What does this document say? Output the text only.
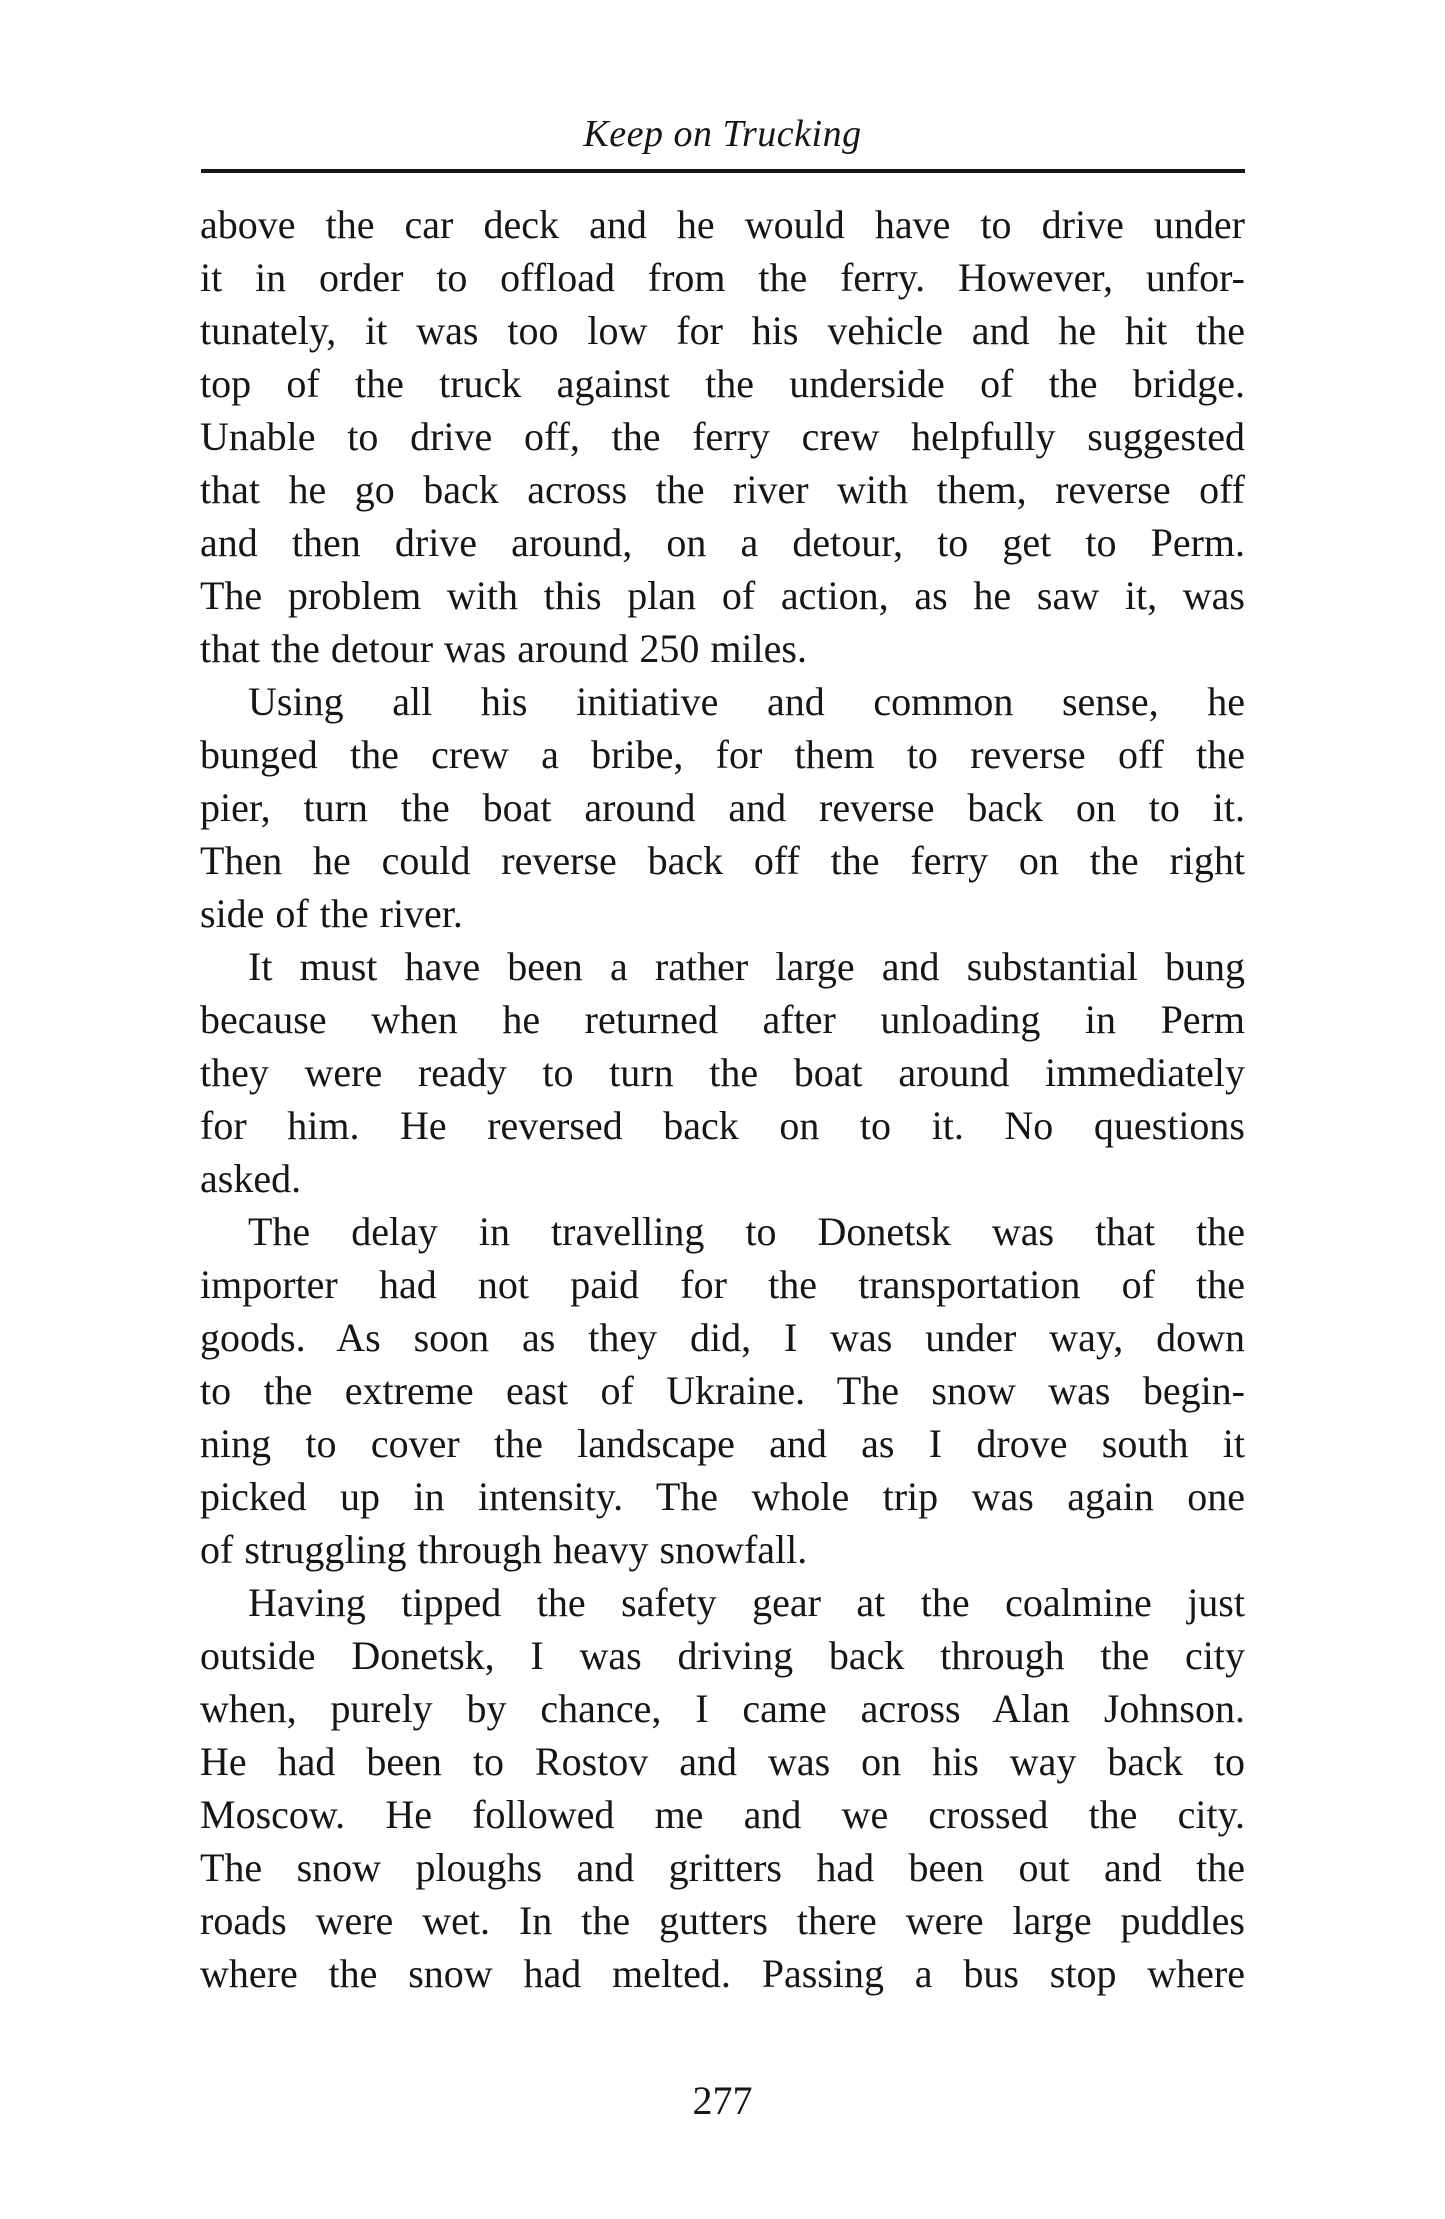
Keep on Trucking
above the car deck and he would have to drive under
it in order to offload from the ferry. However, unfor-
tunately, it was too low for his vehicle and he hit the
top of the truck against the underside of the bridge.
Unable to drive off, the ferry crew helpfully suggested
that he go back across the river with them, reverse off
and then drive around, on a detour, to get to Perm.
The problem with this plan of action, as he saw it, was
that the detour was around 250 miles.
Using all his initiative and common sense, he
bunged the crew a bribe, for them to reverse off the
pier, turn the boat around and reverse back on to it.
Then he could reverse back off the ferry on the right
side of the river.
It must have been a rather large and substantial bung
because when he returned after unloading in Perm
they were ready to turn the boat around immediately
for him. He reversed back on to it. No questions
asked.
The delay in travelling to Donetsk was that the
importer had not paid for the transportation of the
goods. As soon as they did, I was under way, down
to the extreme east of Ukraine. The snow was begin-
ning to cover the landscape and as I drove south it
picked up in intensity. The whole trip was again one
of struggling through heavy snowfall.
Having tipped the safety gear at the coalmine just
outside Donetsk, I was driving back through the city
when, purely by chance, I came across Alan Johnson.
He had been to Rostov and was on his way back to
Moscow. He followed me and we crossed the city.
The snow ploughs and gritters had been out and the
roads were wet. In the gutters there were large puddles
where the snow had melted. Passing a bus stop where
277
